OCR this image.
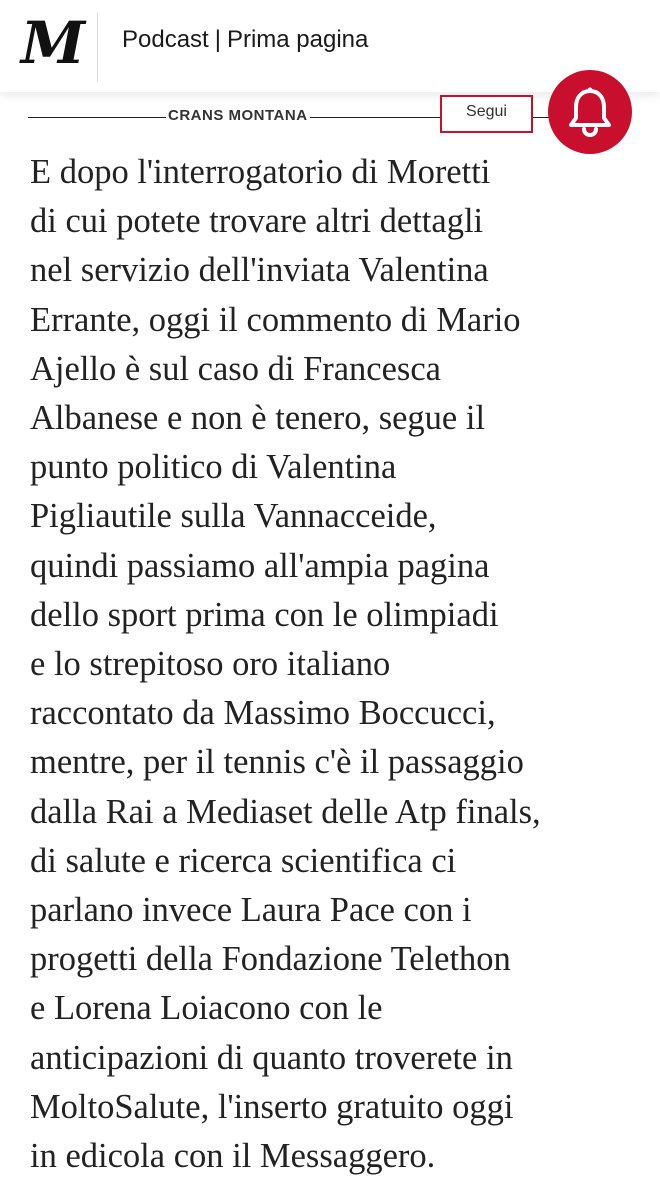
M Podcast | Prima pagina
CRANS MONTANA	Segui
E dopo l'interrogatorio di Moretti
di cui potete trovare altri dettagli
nel servizio dell'inviata Valentina
Errante, oggi il commento di Mario
Ajello è sul caso di Francesca
Albanese e non è tenero, segue il
punto politico di Valentina
Pigliautile sulla Vannacceide,
quindi passiamo all'ampia pagina
dello sport prima con le olimpiadi
e lo strepitoso oro italiano
raccontato da Massimo Boccucci,
mentre, per il tennis c'è il passaggio
dalla Rai a Mediaset delle Atp finals,
di salute e ricerca scientifica ci
parlano invece Laura Pace con i
progetti della Fondazione Telethon
e Lorena Loiacono con le
anticipazioni di quanto troverete in
MoltoSalute, l'inserto gratuito oggi
in edicola con il Messaggero.
